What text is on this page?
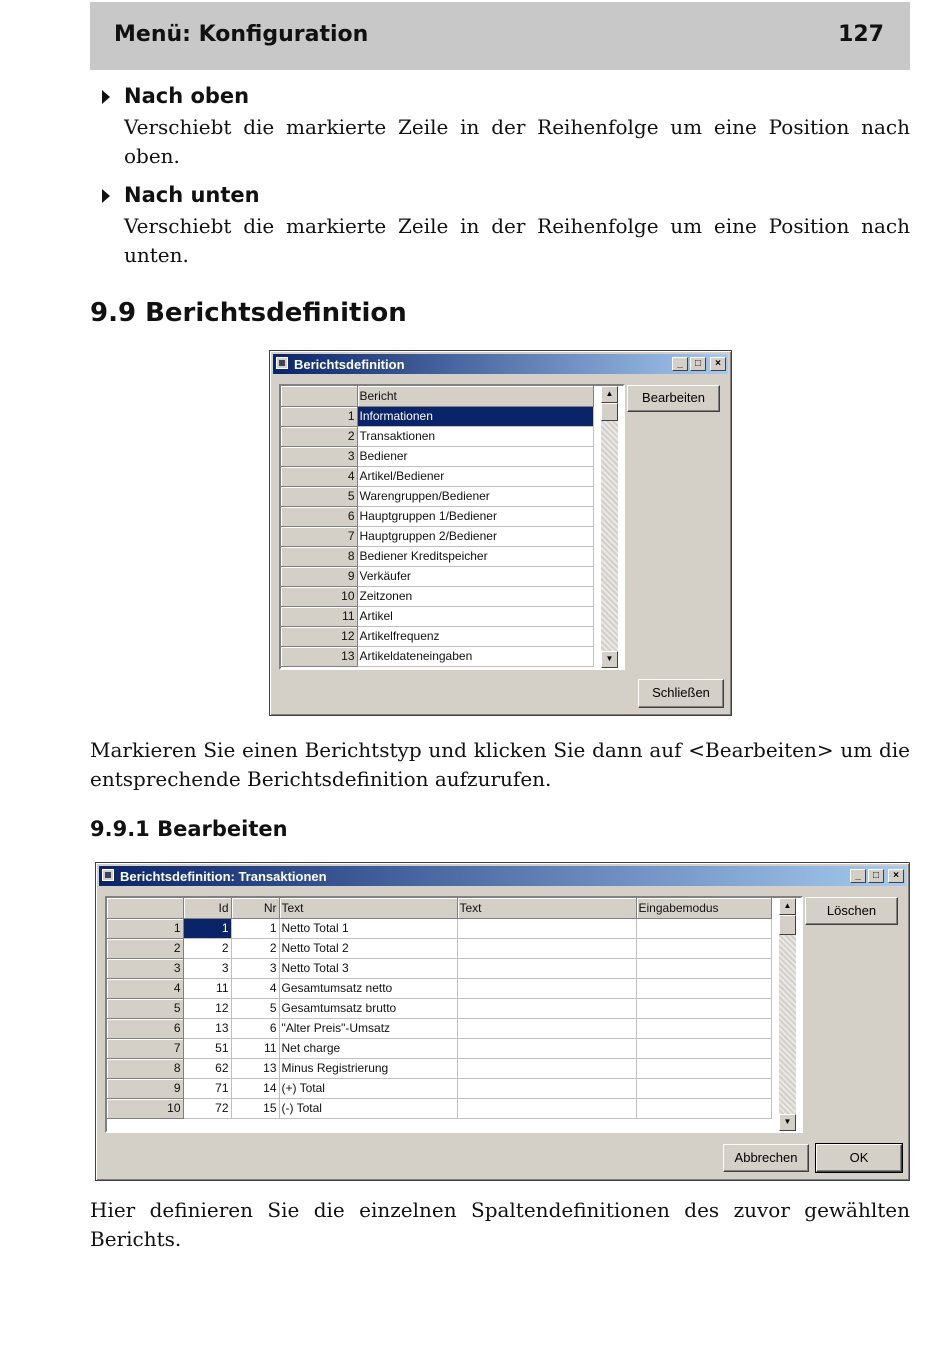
Menü: Konfiguration	127
Nach oben
Verschiebt die markierte Zeile in der Reihenfolge um eine Position nach oben.
Nach unten
Verschiebt die markierte Zeile in der Reihenfolge um eine Position nach unten.
9.9 Berichtsdefinition
Berichtsdefinition	_	□	×
	Bericht
1	Informationen
2	Transaktionen
3	Bediener
4	Artikel/Bediener
5	Warengruppen/Bediener
6	Hauptgruppen 1/Bediener
7	Hauptgruppen 2/Bediener
8	Bediener Kreditspeicher
9	Verkäufer
10	Zeitzonen
11	Artikel
12	Artikelfrequenz
13	Artikeldateneingaben
▲
▼
Bearbeiten
Schließen
Markieren Sie einen Berichtstyp und klicken Sie dann auf <Bearbeiten> um die entsprechende Berichtsdefinition aufzurufen.
9.9.1 Bearbeiten
Berichtsdefinition: Transaktionen	_	□	×
	Id	Nr	Text	Text	Eingabemodus
1	1	1	Netto Total 1		
2	2	2	Netto Total 2		
3	3	3	Netto Total 3		
4	11	4	Gesamtumsatz netto		
5	12	5	Gesamtumsatz brutto		
6	13	6	"Alter Preis"-Umsatz		
7	51	11	Net charge		
8	62	13	Minus Registrierung		
9	71	14	(+) Total		
10	72	15	(-) Total		
▲
▼
Löschen
Abbrechen	OK
Hier definieren Sie die einzelnen Spaltendefinitionen des zuvor gewählten Berichts.
